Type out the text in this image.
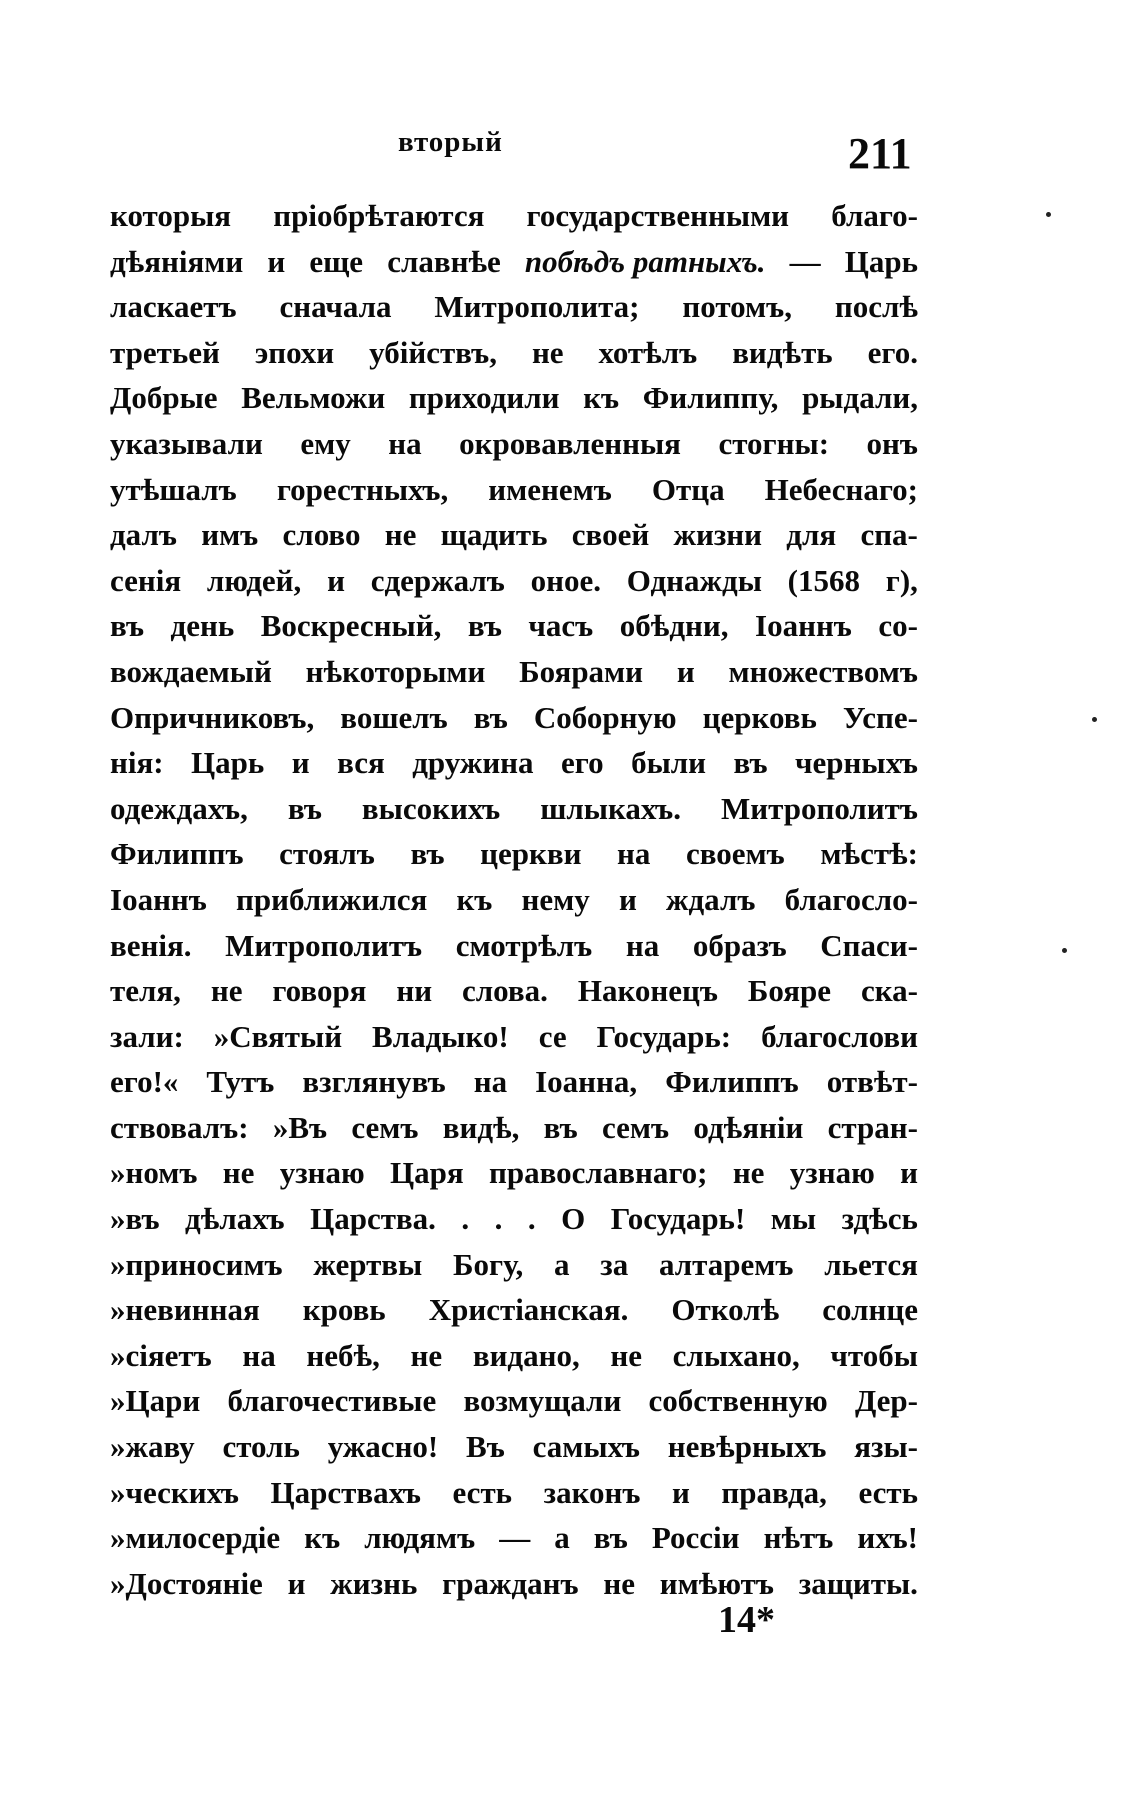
вторый	211
которыя пріобрѣтаются государственными благо-
дѣяніями и еще славнѣе побѣдъ ратныхъ. — Царь
ласкаетъ сначала Митрополита; потомъ, послѣ
третьей эпохи убійствъ, не хотѣлъ видѣть его.
Добрые Вельможи приходили къ Филиппу, рыдали,
указывали ему на окровавленныя стогны: онъ
утѣшалъ горестныхъ, именемъ Отца Небеснаго;
далъ имъ слово не щадить своей жизни для спа-
сенія людей, и сдержалъ оное. Однажды (1568 г),
въ день Воскресный, въ часъ обѣдни, Іоаннъ со-
вождаемый нѣкоторыми Боярами и множествомъ
Опричниковъ, вошелъ въ Соборную церковь Успе-
нія: Царь и вся дружина его были въ черныхъ
одеждахъ, въ высокихъ шлыкахъ. Митрополитъ
Филиппъ стоялъ въ церкви на своемъ мѣстѣ:
Іоаннъ приближился къ нему и ждалъ благосло-
венія. Митрополитъ смотрѣлъ на образъ Спаси-
теля, не говоря ни слова. Наконецъ Бояре ска-
зали: »Святый Владыко! се Государь: благослови
его!« Тутъ взглянувъ на Іоанна, Филиппъ отвѣт-
ствовалъ: »Въ семъ видѣ, въ семъ одѣяніи стран-
»номъ не узнаю Царя православнаго; не узнаю и
»въ дѣлахъ Царства. . . . О Государь! мы здѣсь
»приносимъ жертвы Богу, а за алтаремъ льется
»невинная кровь Христіанская. Отколѣ солнце
»сіяетъ на небѣ, не видано, не слыхано, чтобы
»Цари благочестивые возмущали собственную Дер-
»жаву столь ужасно! Въ самыхъ невѣрныхъ язы-
»ческихъ Царствахъ есть законъ и правда, есть
»милосердіе къ людямъ — а въ Россіи нѣтъ ихъ!
»Достояніе и жизнь гражданъ не имѣютъ защиты.
14*
